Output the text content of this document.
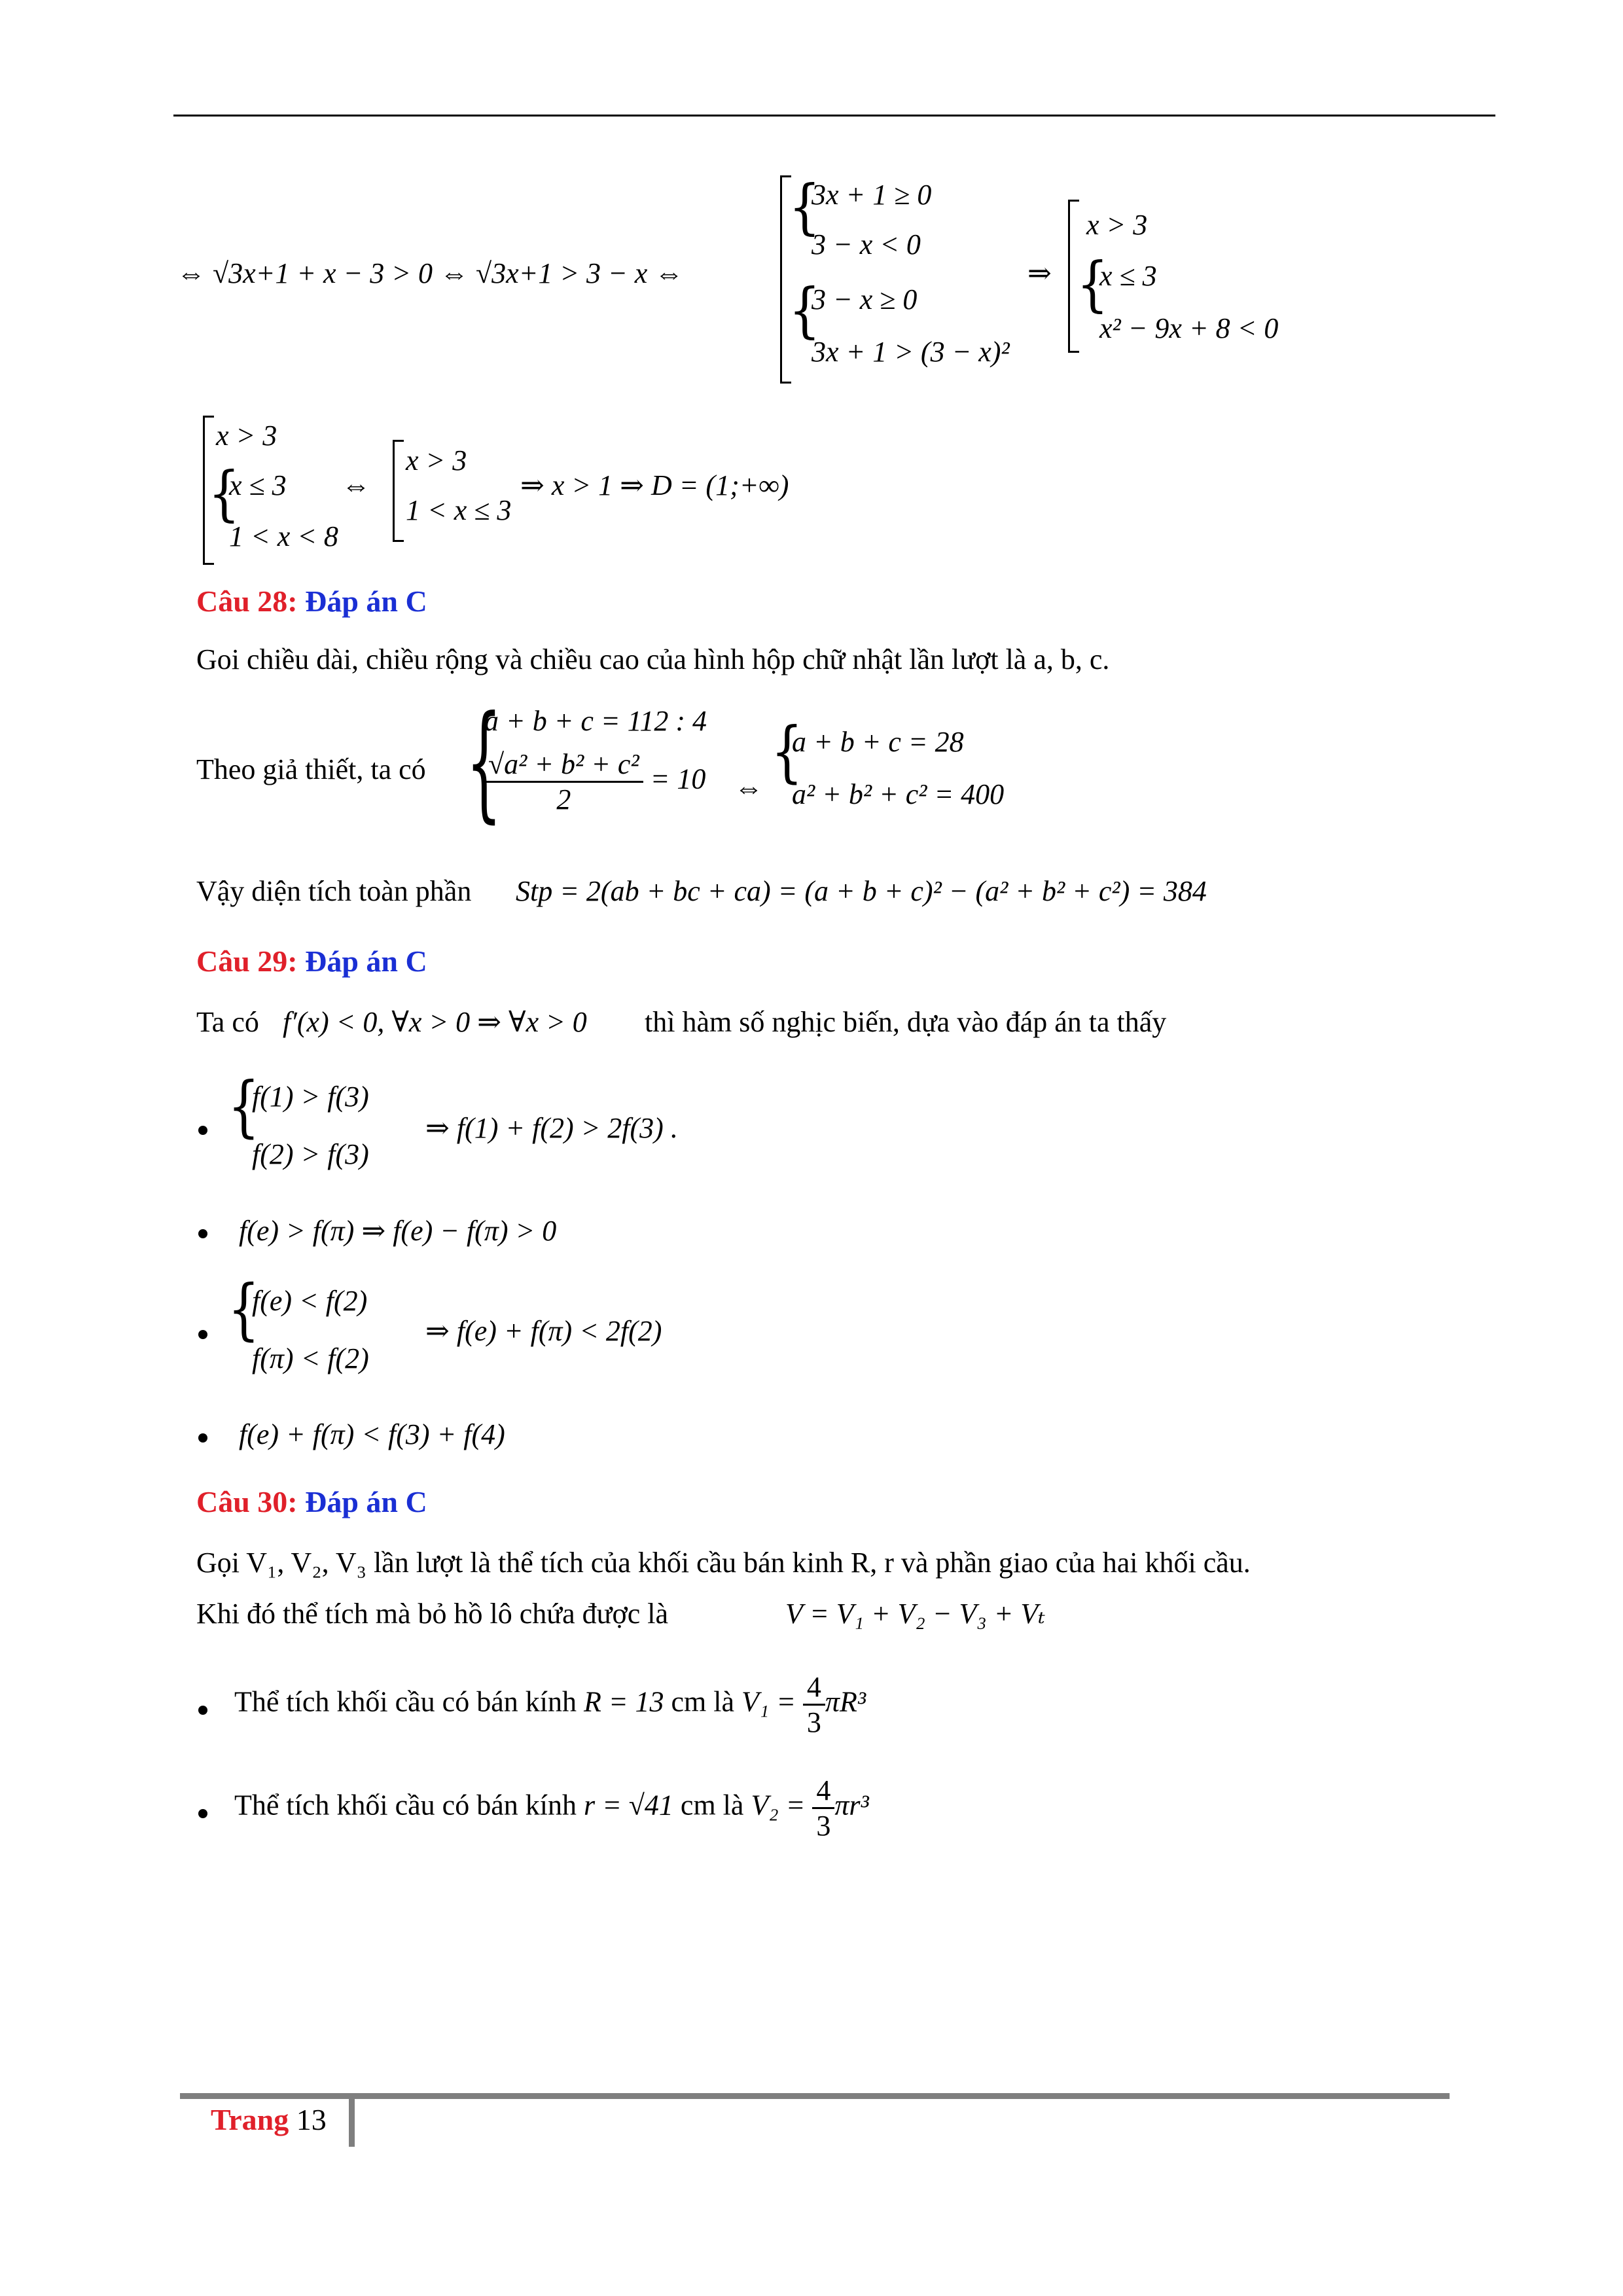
⇔ √3x+1 + x − 3 > 0 ⇔ √3x+1 > 3 − x ⇔
{
3x + 1 ≥ 0
3 − x < 0
{
3 − x ≥ 0
3x + 1 > (3 − x)²
⇒
x > 3
{
x ≤ 3
x² − 9x + 8 < 0
x > 3
{
x ≤ 3
1 < x < 8
⇔
x > 3
1 < x ≤ 3
⇒ x > 1 ⇒ D = (1;+∞)
Câu 28: Đáp án C
Goi chiều dài, chiều rộng và chiều cao của hình hộp chữ nhật lần lượt là a, b, c.
Theo giả thiết, ta có {
a + b + c = 112 : 4
$\frac{\text{√a² + b² + c²}}{2} = 10$ ⇔ {
a + b + c = 28
a² + b² + c² = 400
Vậy diện tích toàn phần Stp = 2(ab + bc + ca) = (a + b + c)² − (a² + b² + c²) = 384
Câu 29: Đáp án C
Ta có f′(x) < 0, ∀x > 0 ⇒ ∀x > 0 thì hàm số nghịc biến, dựa vào đáp án ta thấy
{
f(1) > f(3)
f(2) > f(3)
⇒ f(1) + f(2) > 2f(3) .
f(e) > f(π) ⇒ f(e) − f(π) > 0
{
f(e) < f(2)
f(π) < f(2)
⇒ f(e) + f(π) < 2f(2)
f(e) + f(π) < f(3) + f(4)
Câu 30: Đáp án C
Gọi V₁, V₂, V₃ lần lượt là thể tích của khối cầu bán kinh R, r và phần giao của hai khối cầu.
Khi đó thể tích mà bỏ hồ lô chứa được là	V = V₁ + V₂ − V₃ + Vₜ
Thể tích khối cầu có bán kính R = 13 cm là $V_1 = \frac{4}{3} \pi R^3$
Thể tích khối cầu có bán kính r = √41 cm là $V_2 = \frac{4}{3} \pi r^3$
Trang 13
